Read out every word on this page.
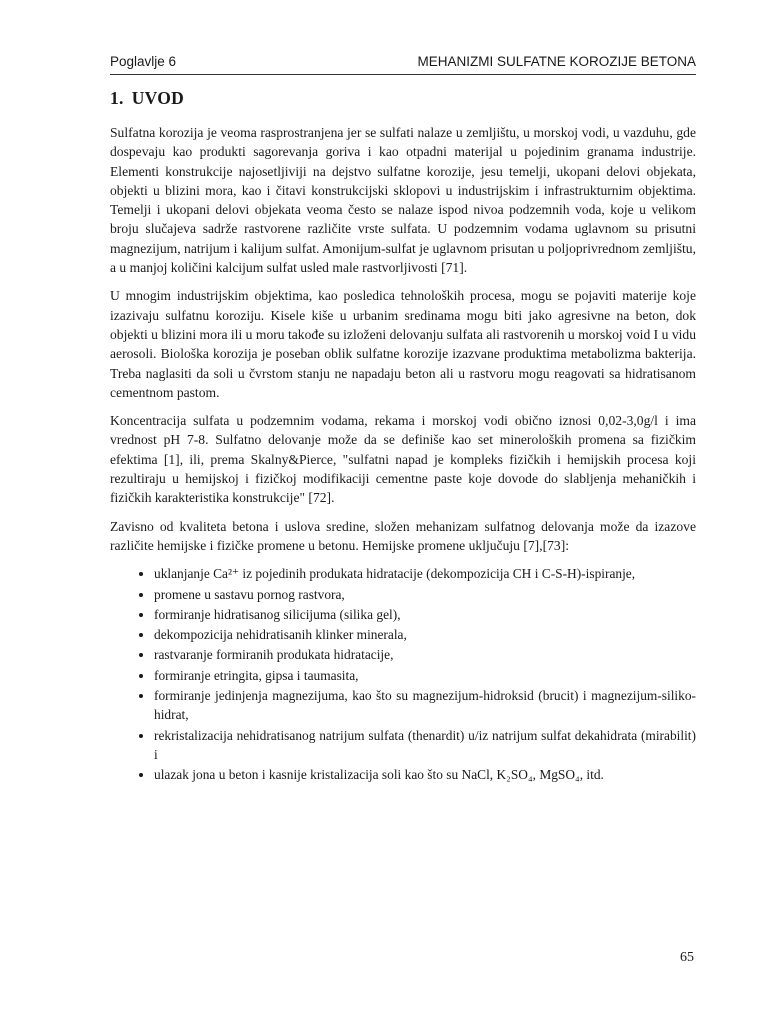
Poglavlje 6	MEHANIZMI SULFATNE KOROZIJE BETONA
1. UVOD

Sulfatna korozija je veoma rasprostranjena jer se sulfati nalaze u zemljištu, u morskoj vodi, u vazduhu, gde dospevaju kao produkti sagorevanja goriva i kao otpadni materijal u pojedinim granama industrije. Elementi konstrukcije najosetljiviji na dejstvo sulfatne korozije, jesu temelji, ukopani delovi objekata, objekti u blizini mora, kao i čitavi konstrukcijski sklopovi u industrijskim i infrastrukturnim objektima. Temelji i ukopani delovi objekata veoma često se nalaze ispod nivoa podzemnih voda, koje u velikom broju slučajeva sadrže rastvorene različite vrste sulfata. U podzemnim vodama uglavnom su prisutni magnezijum, natrijum i kalijum sulfat. Amonijum-sulfat je uglavnom prisutan u poljoprivrednom zemljištu, a u manjoj količini kalcijum sulfat usled male rastvorljivosti [71].

U mnogim industrijskim objektima, kao posledica tehnoloških procesa, mogu se pojaviti materije koje izazivaju sulfatnu koroziju. Kisele kiše u urbanim sredinama mogu biti jako agresivne na beton, dok objekti u blizini mora ili u moru takođe su izloženi delovanju sulfata ali rastvorenih u morskoj void I u vidu aerosoli. Biološka korozija je poseban oblik sulfatne korozije izazvane produktima metabolizma bakterija. Treba naglasiti da soli u čvrstom stanju ne napadaju beton ali u rastvoru mogu reagovati sa hidratisanom cementnom pastom.

Koncentracija sulfata u podzemnim vodama, rekama i morskoj vodi obično iznosi 0,02-3,0g/l i ima vrednost pH 7-8. Sulfatno delovanje može da se definiše kao set mineroloških promena sa fizičkim efektima [1], ili, prema Skalny&Pierce, "sulfatni napad je kompleks fizičkih i hemijskih procesa koji rezultiraju u hemijskoj i fizičkoj modifikaciji cementne paste koje dovode do slabljenja mehaničkih i fizičkih karakteristika konstrukcije" [72].

Zavisno od kvaliteta betona i uslova sredine, složen mehanizam sulfatnog delovanja može da izazove različite hemijske i fizičke promene u betonu. Hemijske promene uključuju [7],[73]:

• uklanjanje Ca²⁺ iz pojedinih produkata hidratacije (dekompozicija CH i C-S-H)-ispiranje,
• promene u sastavu pornog rastvora,
• formiranje hidratisanog silicijuma (silika gel),
• dekompozicija nehidratisanih klinker minerala,
• rastvaranje formiranih produkata hidratacije,
• formiranje etringita, gipsa i taumasita,
• formiranje jedinjenja magnezijuma, kao što su magnezijum-hidroksid (brucit) i magnezijum-siliko-hidrat,
• rekristalizacija nehidratisanog natrijum sulfata (thenardit) u/iz natrijum sulfat dekahidrata (mirabilit) i
• ulazak jona u beton i kasnije kristalizacija soli kao što su NaCl, K₂SO₄, MgSO₄, itd.
65
